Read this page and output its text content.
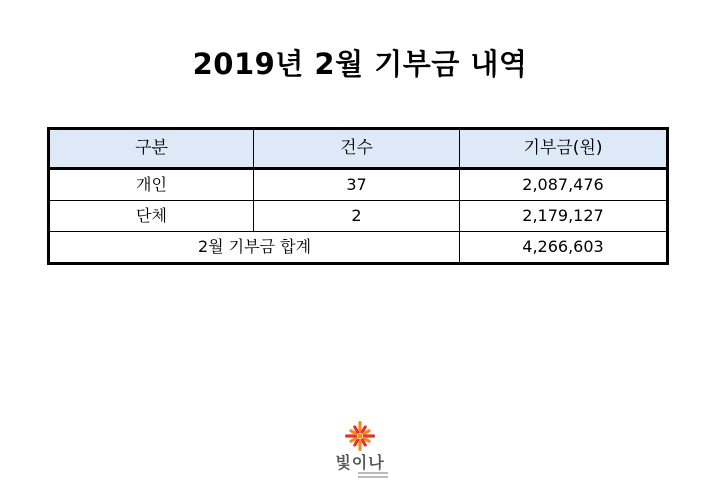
2019년 2월 기부금 내역
구분	건수	기부금(원)
개인	37	2,087,476
단체	2	2,179,127
2월 기부금 합계		4,266,603
빛이나
